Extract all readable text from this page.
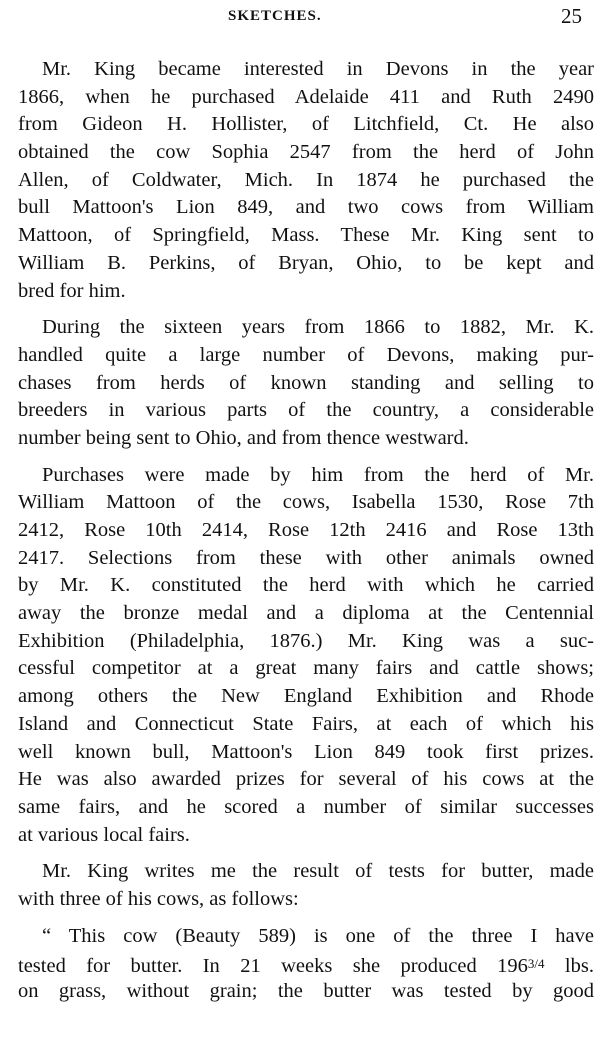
SKETCHES.	25
Mr. King became interested in Devons in the year
1866, when he purchased Adelaide 411 and Ruth 2490
from Gideon H. Hollister, of Litchfield, Ct. He also
obtained the cow Sophia 2547 from the herd of John
Allen, of Coldwater, Mich. In 1874 he purchased the
bull Mattoon's Lion 849, and two cows from William
Mattoon, of Springfield, Mass. These Mr. King sent to
William B. Perkins, of Bryan, Ohio, to be kept and
bred for him.
During the sixteen years from 1866 to 1882, Mr. K.
handled quite a large number of Devons, making pur-
chases from herds of known standing and selling to
breeders in various parts of the country, a considerable
number being sent to Ohio, and from thence westward.
Purchases were made by him from the herd of Mr.
William Mattoon of the cows, Isabella 1530, Rose 7th
2412, Rose 10th 2414, Rose 12th 2416 and Rose 13th
2417. Selections from these with other animals owned
by Mr. K. constituted the herd with which he carried
away the bronze medal and a diploma at the Centennial
Exhibition (Philadelphia, 1876.) Mr. King was a suc-
cessful competitor at a great many fairs and cattle shows;
among others the New England Exhibition and Rhode
Island and Connecticut State Fairs, at each of which his
well known bull, Mattoon's Lion 849 took first prizes.
He was also awarded prizes for several of his cows at the
same fairs, and he scored a number of similar successes
at various local fairs.
Mr. King writes me the result of tests for butter, made
with three of his cows, as follows:
“ This cow (Beauty 589) is one of the three I have
tested for butter. In 21 weeks she produced 1963/4 lbs.
on grass, without grain; the butter was tested by good
